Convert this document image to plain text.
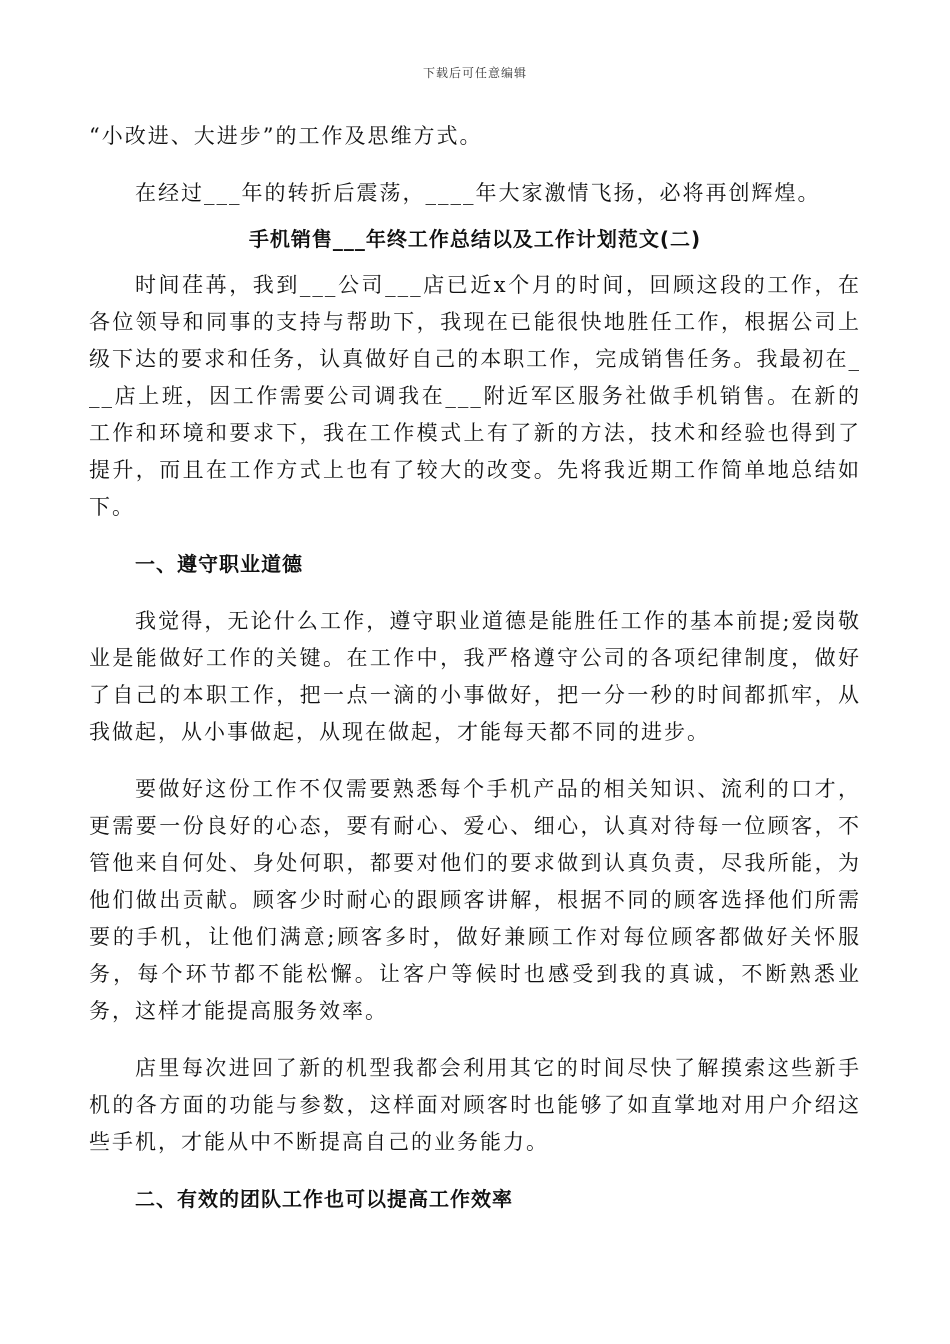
下载后可任意编辑

“小改进、大进步”的工作及思维方式。

在经过___年的转折后震荡，____年大家激情飞扬，必将再创辉煌。

手机销售___年终工作总结以及工作计划范文(二)

时间荏苒，我到___公司___店已近x个月的时间，回顾这段的工作，在各位领导和同事的支持与帮助下，我现在已能很快地胜任工作，根据公司上级下达的要求和任务，认真做好自己的本职工作，完成销售任务。我最初在___店上班，因工作需要公司调我在___附近军区服务社做手机销售。在新的工作和环境和要求下，我在工作模式上有了新的方法，技术和经验也得到了提升，而且在工作方式上也有了较大的改变。先将我近期工作简单地总结如下。

一、遵守职业道德

我觉得，无论什么工作，遵守职业道德是能胜任工作的基本前提;爱岗敬业是能做好工作的关键。在工作中，我严格遵守公司的各项纪律制度，做好了自己的本职工作，把一点一滴的小事做好，把一分一秒的时间都抓牢，从我做起，从小事做起，从现在做起，才能每天都不同的进步。

要做好这份工作不仅需要熟悉每个手机产品的相关知识、流利的口才，更需要一份良好的心态，要有耐心、爱心、细心，认真对待每一位顾客，不管他来自何处、身处何职，都要对他们的要求做到认真负责，尽我所能，为他们做出贡献。顾客少时耐心的跟顾客讲解，根据不同的顾客选择他们所需要的手机，让他们满意;顾客多时，做好兼顾工作对每位顾客都做好关怀服务，每个环节都不能松懈。让客户等候时也感受到我的真诚，不断熟悉业务，这样才能提高服务效率。

店里每次进回了新的机型我都会利用其它的时间尽快了解摸索这些新手机的各方面的功能与参数，这样面对顾客时也能够了如直掌地对用户介绍这些手机，才能从中不断提高自己的业务能力。

二、有效的团队工作也可以提高工作效率
